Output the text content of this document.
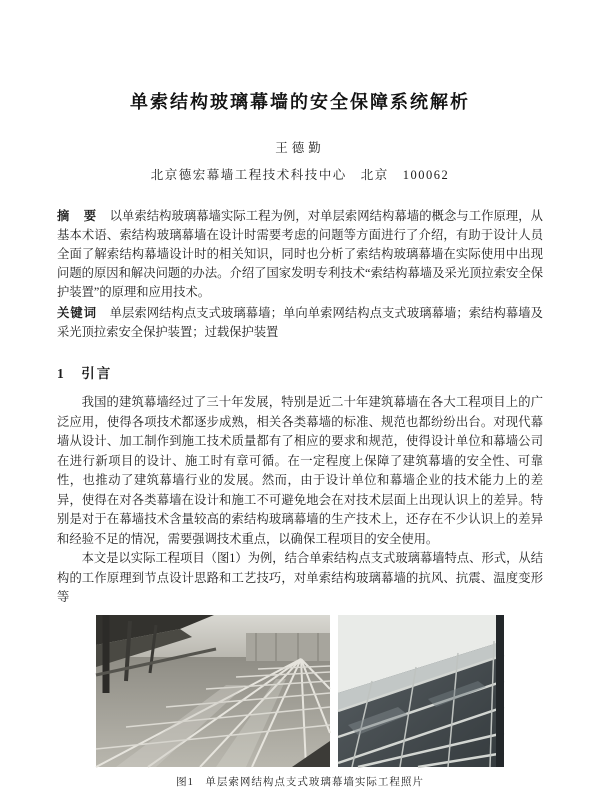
单索结构玻璃幕墙的安全保障系统解析

王德勤

北京德宏幕墙工程技术科技中心　北京　100062

摘　要　 以单索结构玻璃幕墙实际工程为例，对单层索网结构幕墙的概念与工作原理，从基本术语、索结构玻璃幕墙在设计时需要考虑的问题等方面进行了介绍，有助于设计人员全面了解索结构幕墙设计时的相关知识，同时也分析了索结构玻璃幕墙在实际使用中出现问题的原因和解决问题的办法。介绍了国家发明专利技术“索结构幕墙及采光顶拉索安全保护装置”的原理和应用技术。

关键词　 单层索网结构点支式玻璃幕墙；单向单索网结构点支式玻璃幕墙；索结构幕墙及采光顶拉索安全保护装置；过载保护装置

1　引言

我国的建筑幕墙经过了三十年发展，特别是近二十年建筑幕墙在各大工程项目上的广泛应用，使得各项技术都逐步成熟，相关各类幕墙的标准、规范也都纷纷出台。对现代幕墙从设计、加工制作到施工技术质量都有了相应的要求和规范，使得设计单位和幕墙公司在进行新项目的设计、施工时有章可循。在一定程度上保障了建筑幕墙的安全性、可靠性，也推动了建筑幕墙行业的发展。然而，由于设计单位和幕墙企业的技术能力上的差异，使得在对各类幕墙在设计和施工不可避免地会在对技术层面上出现认识上的差异。特别是对于在幕墙技术含量较高的索结构玻璃幕墙的生产技术上，还存在不少认识上的差异和经验不足的情况，需要强调技术重点，以确保工程项目的安全使用。

本文是以实际工程项目（图1）为例，结合单索结构点支式玻璃幕墙特点、形式，从结构的工作原理到节点设计思路和工艺技巧，对单索结构玻璃幕墙的抗风、抗震、温度变形等

图1　单层索网结构点支式玻璃幕墙实际工程照片
